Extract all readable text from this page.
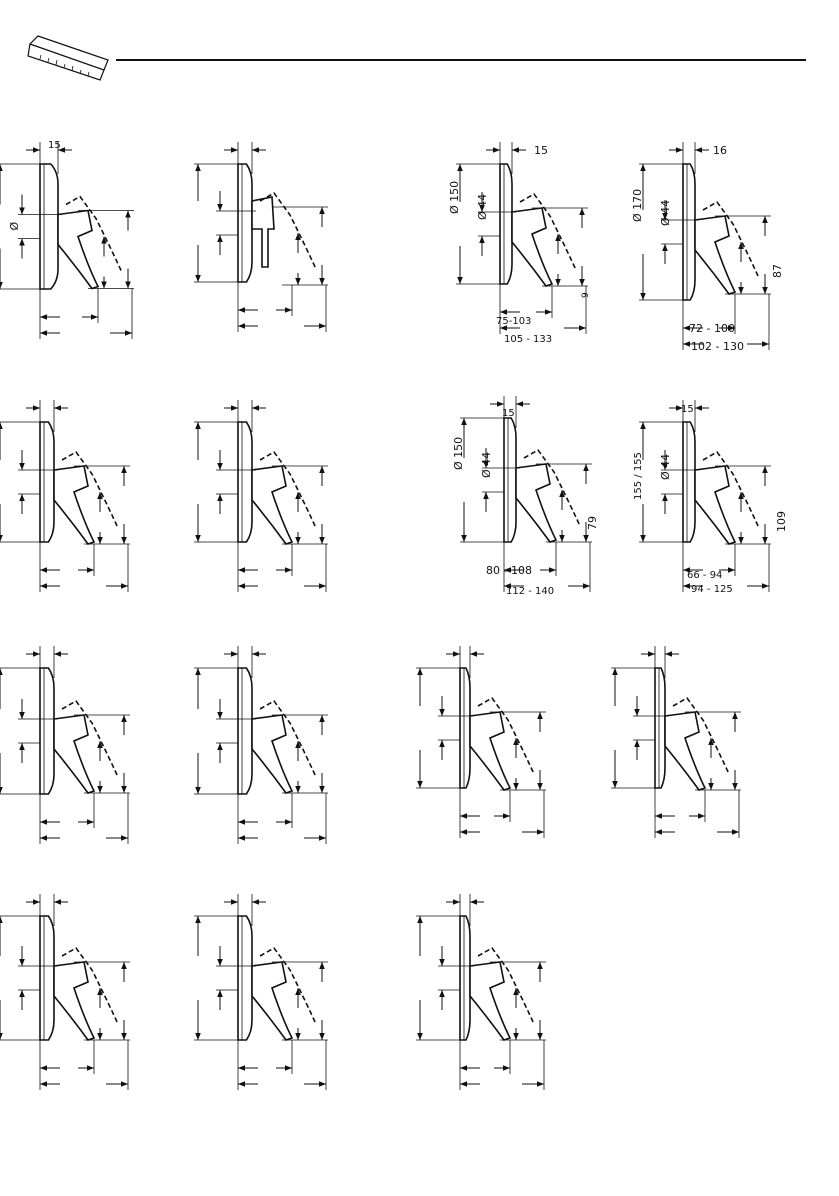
15
Ø
15
Ø 150 Ø 44
9
75-103
105 - 133
16
Ø 170 Ø 44
87
72 - 100
102 - 130
15
Ø 150 Ø 44
79
80 - 108
112 - 140
15
155 / 155 Ø 44
109
66 - 94
94 - 125
